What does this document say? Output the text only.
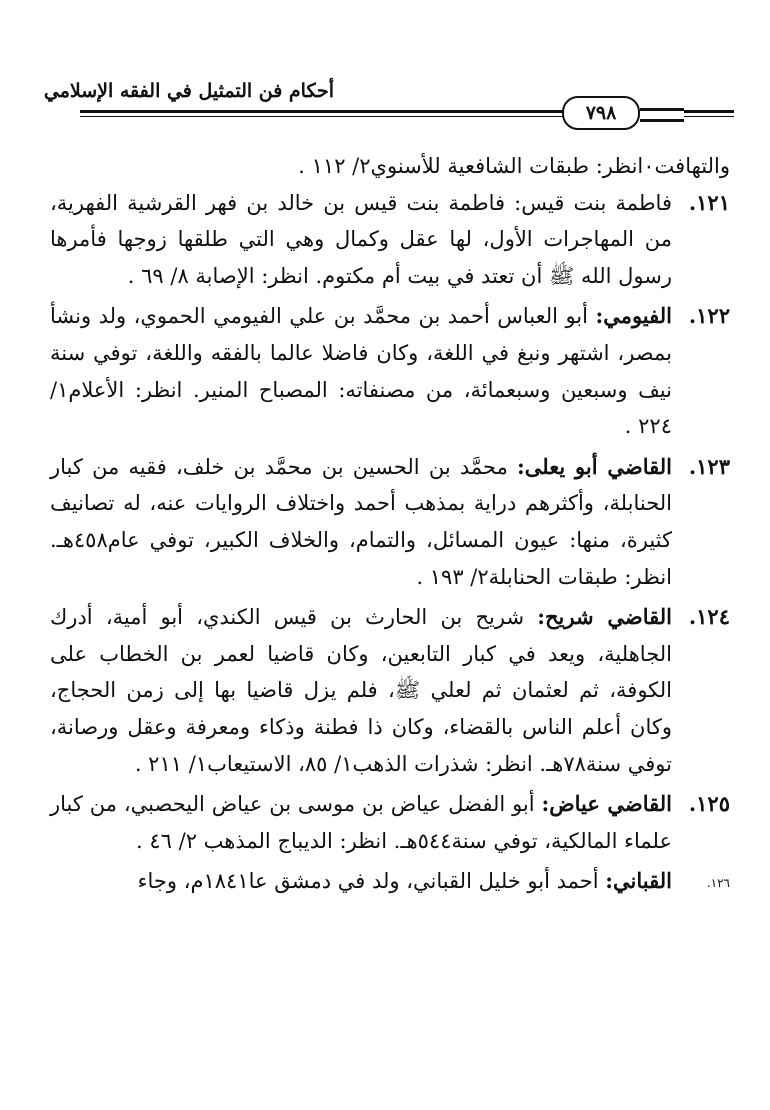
أحكام فن التمثيل في الفقه الإسلامي
٧٩٨
والتهافت٠انظر: طبقات الشافعية للأسنوي٢/ ١١٢ .
١٢١.
فاطمة بنت قيس: فاطمة بنت قيس بن خالد بن فهر القرشية الفهرية، من المهاجرات الأول، لها عقل وكمال وهي التي طلقها زوجها فأمرها رسول الله ﷺ أن تعتد في بيت أم مكتوم. انظر: الإصابة ٨/ ٦٩ .
١٢٢.
الفيومي: أبو العباس أحمد بن محمَّد بن علي الفيومي الحموي، ولد ونشأ بمصر، اشتهر ونبغ في اللغة، وكان فاضلا عالما بالفقه واللغة، توفي سنة نيف وسبعين وسبعمائة، من مصنفاته: المصباح المنير. انظر: الأعلام١/ ٢٢٤ .
١٢٣.
القاضي أبو يعلى: محمَّد بن الحسين بن محمَّد بن خلف، فقيه من كبار الحنابلة، وأكثرهم دراية بمذهب أحمد واختلاف الروايات عنه، له تصانيف كثيرة، منها: عيون المسائل، والتمام، والخلاف الكبير، توفي عام٤٥٨هـ. انظر: طبقات الحنابلة٢/ ١٩٣ .
١٢٤.
القاضي شريح: شريح بن الحارث بن قيس الكندي، أبو أمية، أدرك الجاهلية، ويعد في كبار التابعين، وكان قاضيا لعمر بن الخطاب على الكوفة، ثم لعثمان ثم لعلي ﷺ، فلم يزل قاضيا بها إلى زمن الحجاج، وكان أعلم الناس بالقضاء، وكان ذا فطنة وذكاء ومعرفة وعقل ورصانة، توفي سنة٧٨هـ. انظر: شذرات الذهب١/ ٨٥، الاستيعاب١/ ٢١١ .
١٢٥.
القاضي عياض: أبو الفضل عياض بن موسى بن عياض اليحصبي، من كبار علماء المالكية، توفي سنة٥٤٤هـ. انظر: الديباج المذهب ٢/ ٤٦ .
١٢٦.
القباني: أحمد أبو خليل القباني، ولد في دمشق عا١٨٤١م، وجاء
